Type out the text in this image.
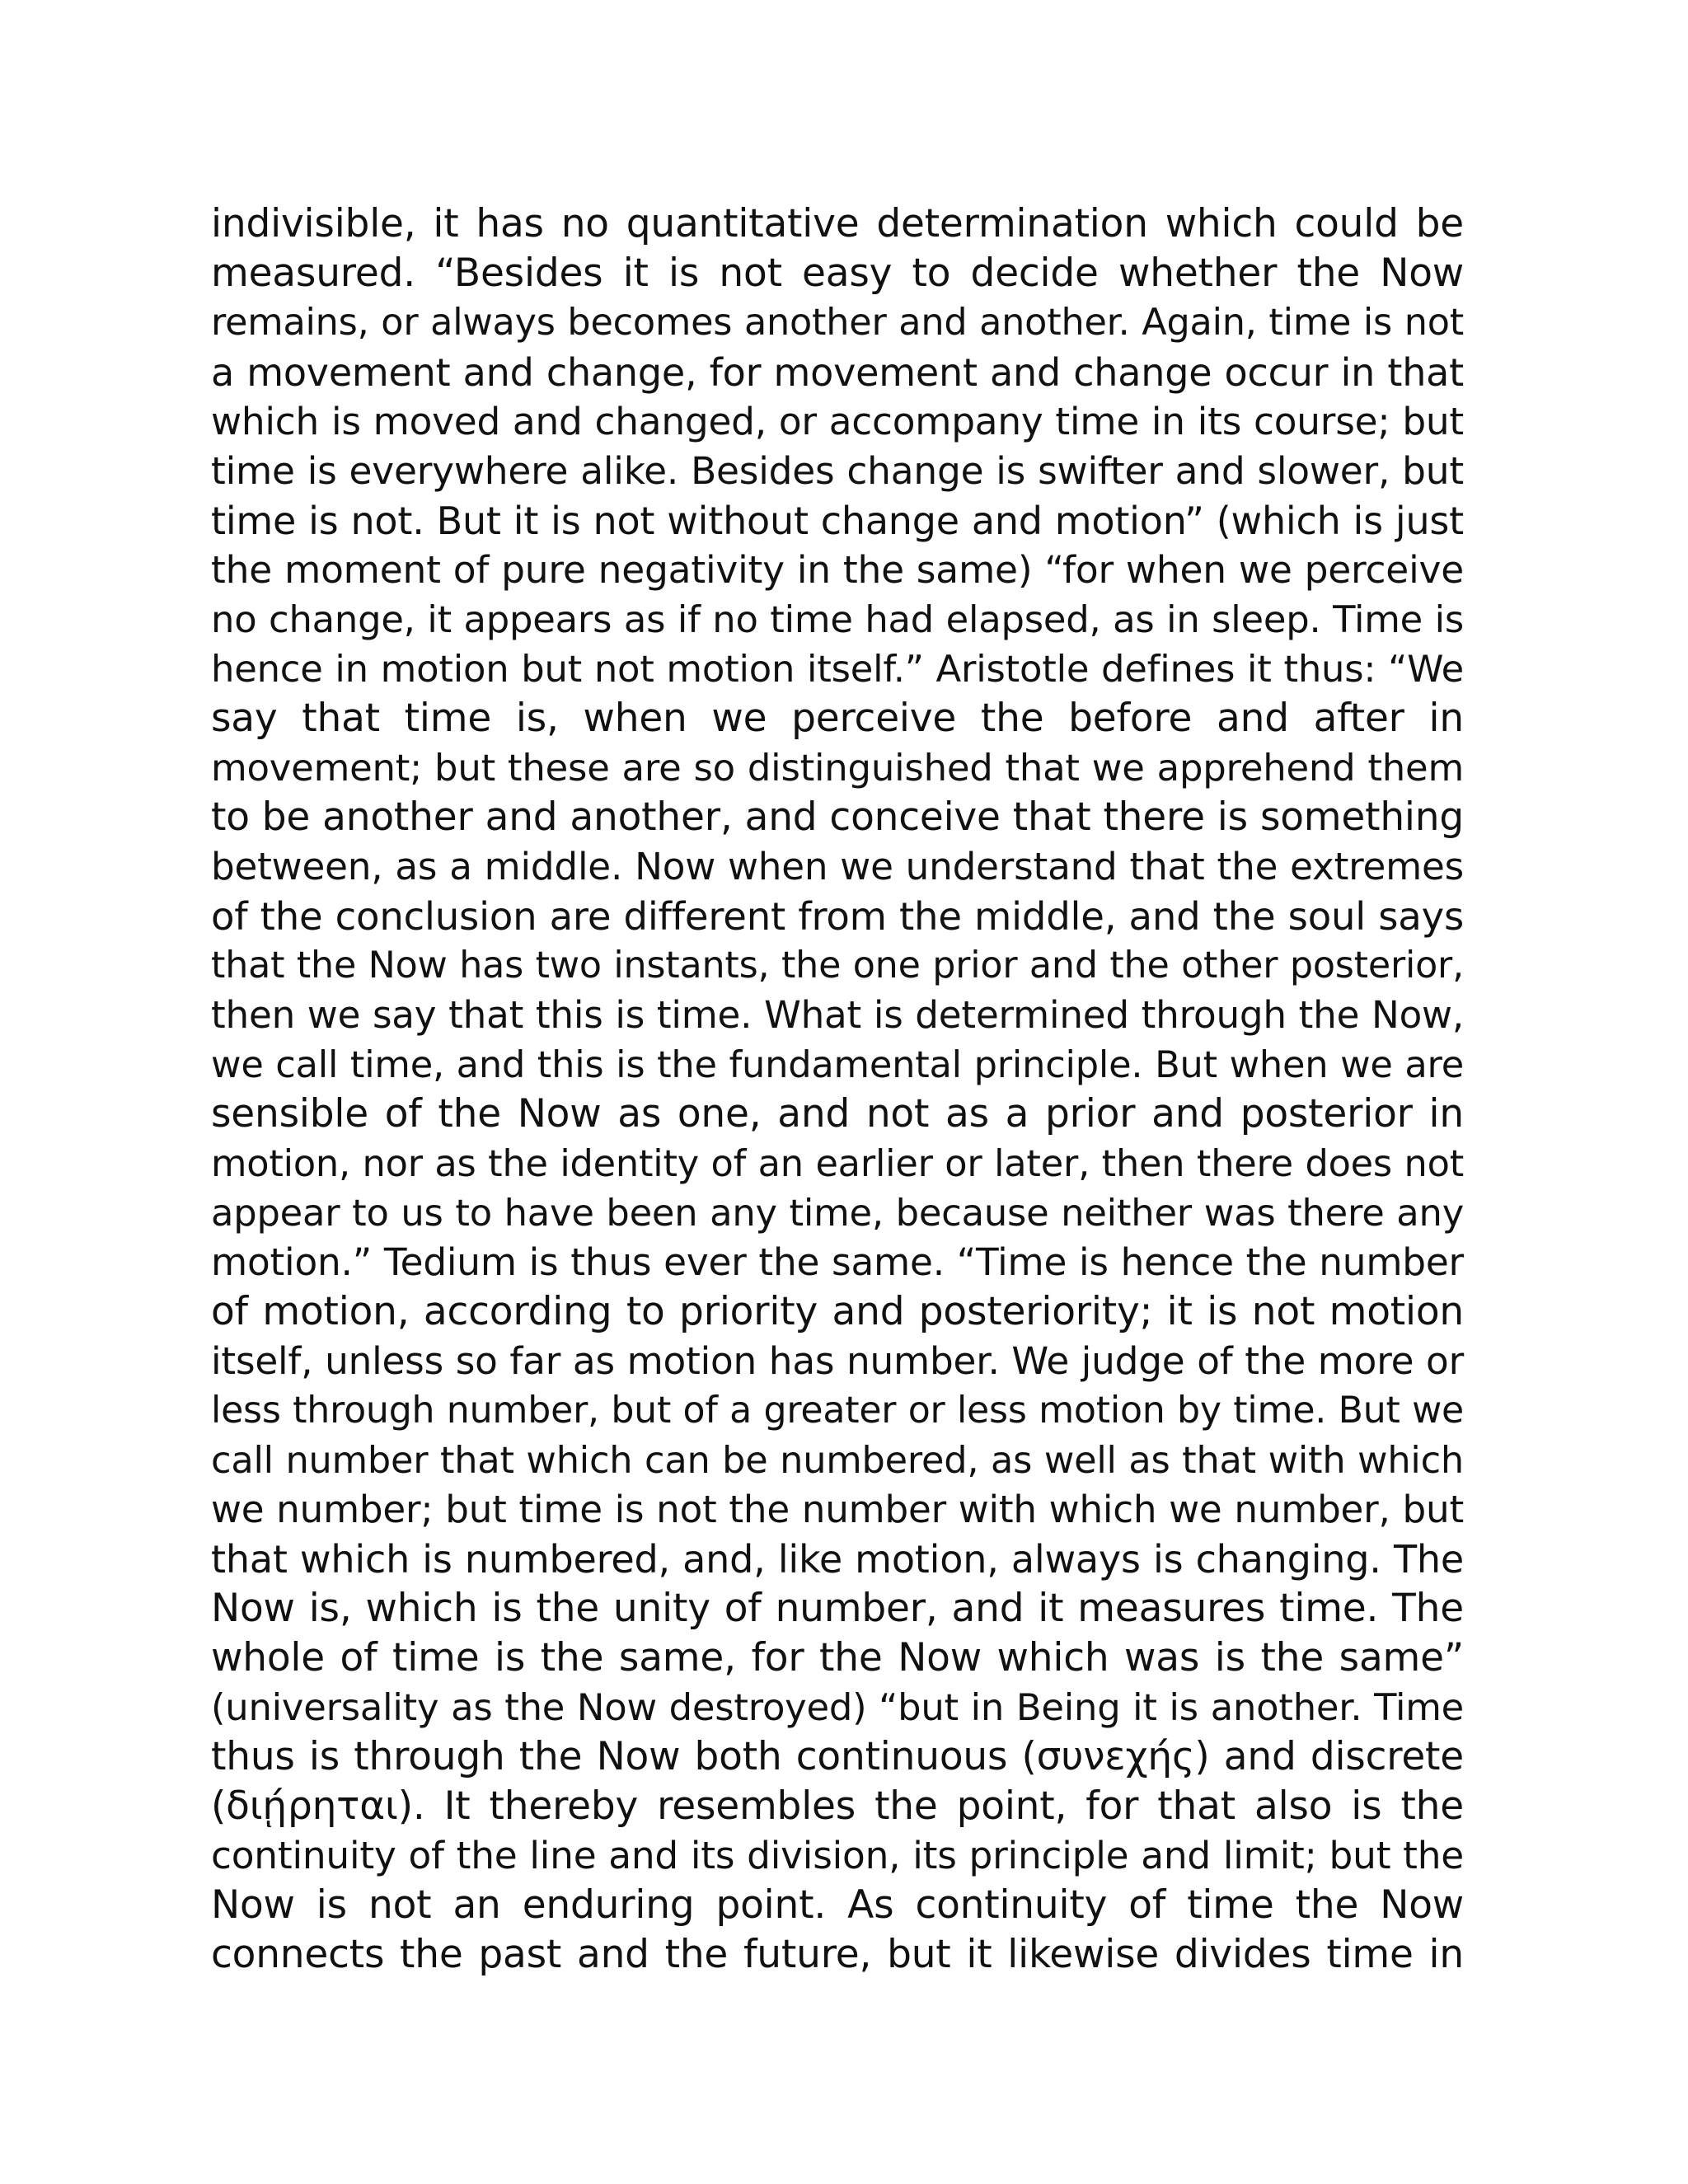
indivisible, it has no quantitative determination which could be
measured. “Besides it is not easy to decide whether the Now
remains, or always becomes another and another. Again, time is not
a movement and change, for movement and change occur in that
which is moved and changed, or accompany time in its course; but
time is everywhere alike. Besides change is swifter and slower, but
time is not. But it is not without change and motion” (which is just
the moment of pure negativity in the same) “for when we perceive
no change, it appears as if no time had elapsed, as in sleep. Time is
hence in motion but not motion itself.” Aristotle defines it thus: “We
say that time is, when we perceive the before and after in
movement; but these are so distinguished that we apprehend them
to be another and another, and conceive that there is something
between, as a middle. Now when we understand that the extremes
of the conclusion are different from the middle, and the soul says
that the Now has two instants, the one prior and the other posterior,
then we say that this is time. What is determined through the Now,
we call time, and this is the fundamental principle. But when we are
sensible of the Now as one, and not as a prior and posterior in
motion, nor as the identity of an earlier or later, then there does not
appear to us to have been any time, because neither was there any
motion.” Tedium is thus ever the same. “Time is hence the number
of motion, according to priority and posteriority; it is not motion
itself, unless so far as motion has number. We judge of the more or
less through number, but of a greater or less motion by time. But we
call number that which can be numbered, as well as that with which
we number; but time is not the number with which we number, but
that which is numbered, and, like motion, always is changing. The
Now is, which is the unity of number, and it measures time. The
whole of time is the same, for the Now which was is the same”
(universality as the Now destroyed) “but in Being it is another. Time
thus is through the Now both continuous (συνεχής) and discrete
(διῄρηται). It thereby resembles the point, for that also is the
continuity of the line and its division, its principle and limit; but the
Now is not an enduring point. As continuity of time the Now
connects the past and the future, but it likewise divides time in
